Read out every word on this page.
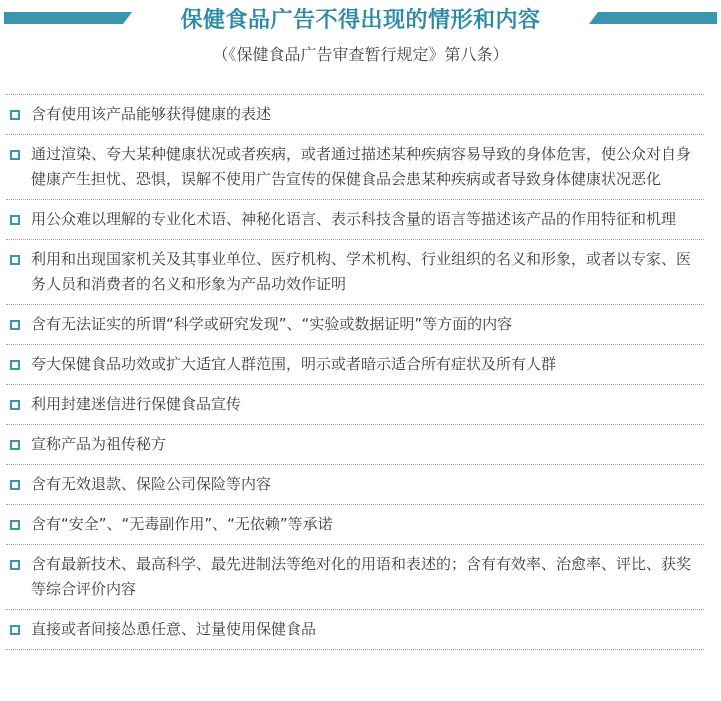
保健食品广告不得出现的情形和内容
（《保健食品广告审查暂行规定》第八条）
含有使用该产品能够获得健康的表述
通过渲染、夸大某种健康状况或者疾病，或者通过描述某种疾病容易导致的身体危害，使公众对自身健康产生担忧、恐惧，误解不使用广告宣传的保健食品会患某种疾病或者导致身体健康状况恶化
用公众难以理解的专业化术语、神秘化语言、表示科技含量的语言等描述该产品的作用特征和机理
利用和出现国家机关及其事业单位、医疗机构、学术机构、行业组织的名义和形象，或者以专家、医务人员和消费者的名义和形象为产品功效作证明
含有无法证实的所谓“科学或研究发现”、“实验或数据证明”等方面的内容
夸大保健食品功效或扩大适宜人群范围，明示或者暗示适合所有症状及所有人群
利用封建迷信进行保健食品宣传
宣称产品为祖传秘方
含有无效退款、保险公司保险等内容
含有“安全”、“无毒副作用”、“无依赖”等承诺
含有最新技术、最高科学、最先进制法等绝对化的用语和表述的；含有有效率、治愈率、评比、获奖等综合评价内容
直接或者间接怂恿任意、过量使用保健食品
